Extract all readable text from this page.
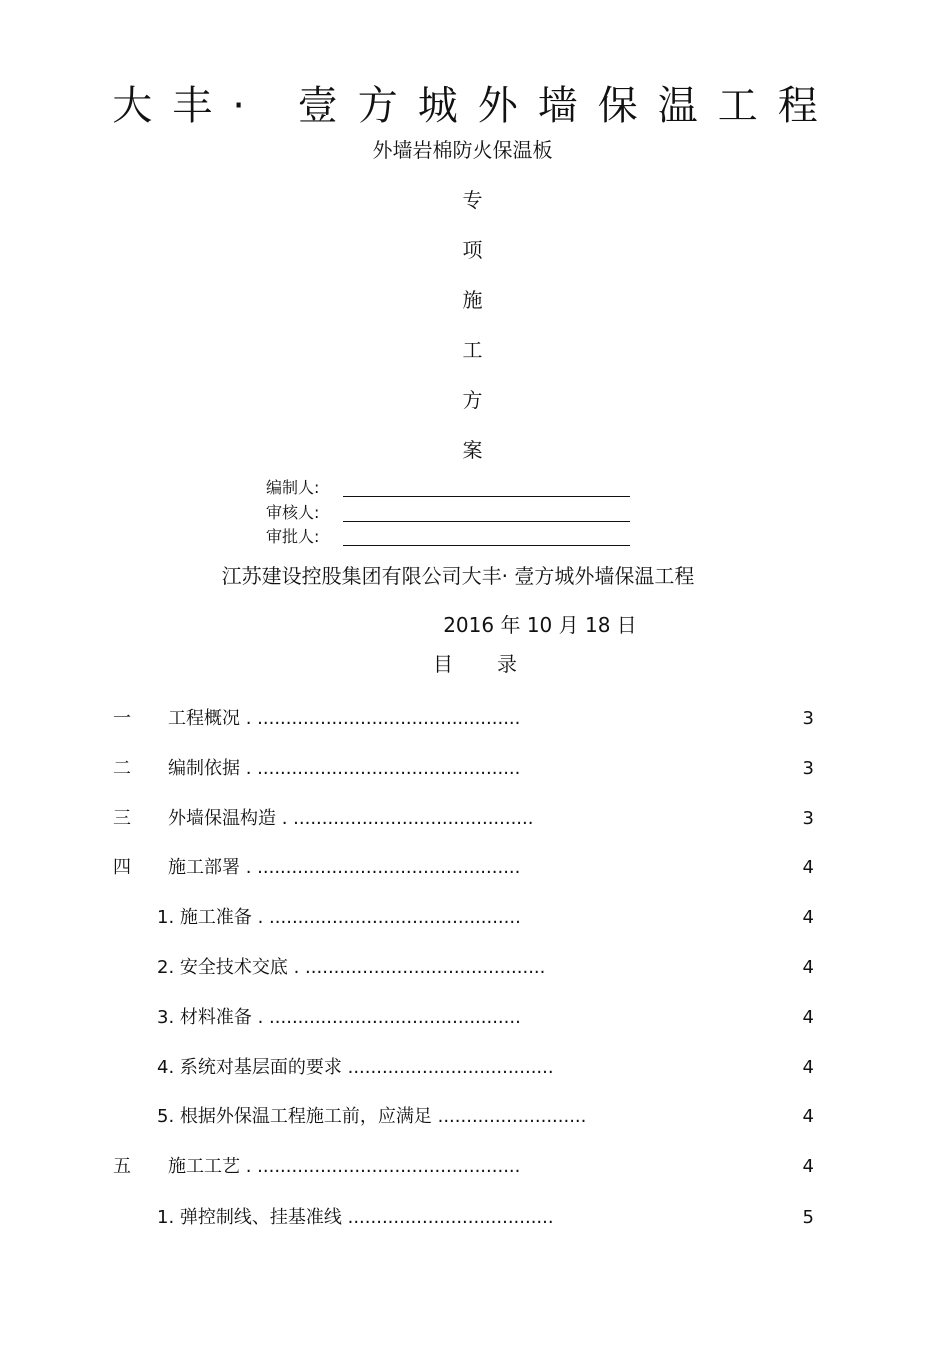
大丰· 壹方城外墙保温工程
外墙岩棉防火保温板
专
项
施
工
方
案
编制人:
审核人:
审批人:
江苏建设控股集团有限公司大丰· 壹方城外墙保温工程
2016 年 10 月 18 日
目 录
一 工程概况 . ..............................................	3
二 编制依据 . ..............................................	3
三 外墙保温构造 . ..........................................	3
四 施工部署 . ..............................................	4
1. 施工准备 . ............................................	4
2. 安全技术交底 . ..........................................	4
3. 材料准备 . ............................................	4
4. 系统对基层面的要求 ....................................	4
5. 根据外保温工程施工前，应满足 ..........................	4
五 施工工艺 . ..............................................	4
1. 弹控制线、挂基准线 ....................................	5
